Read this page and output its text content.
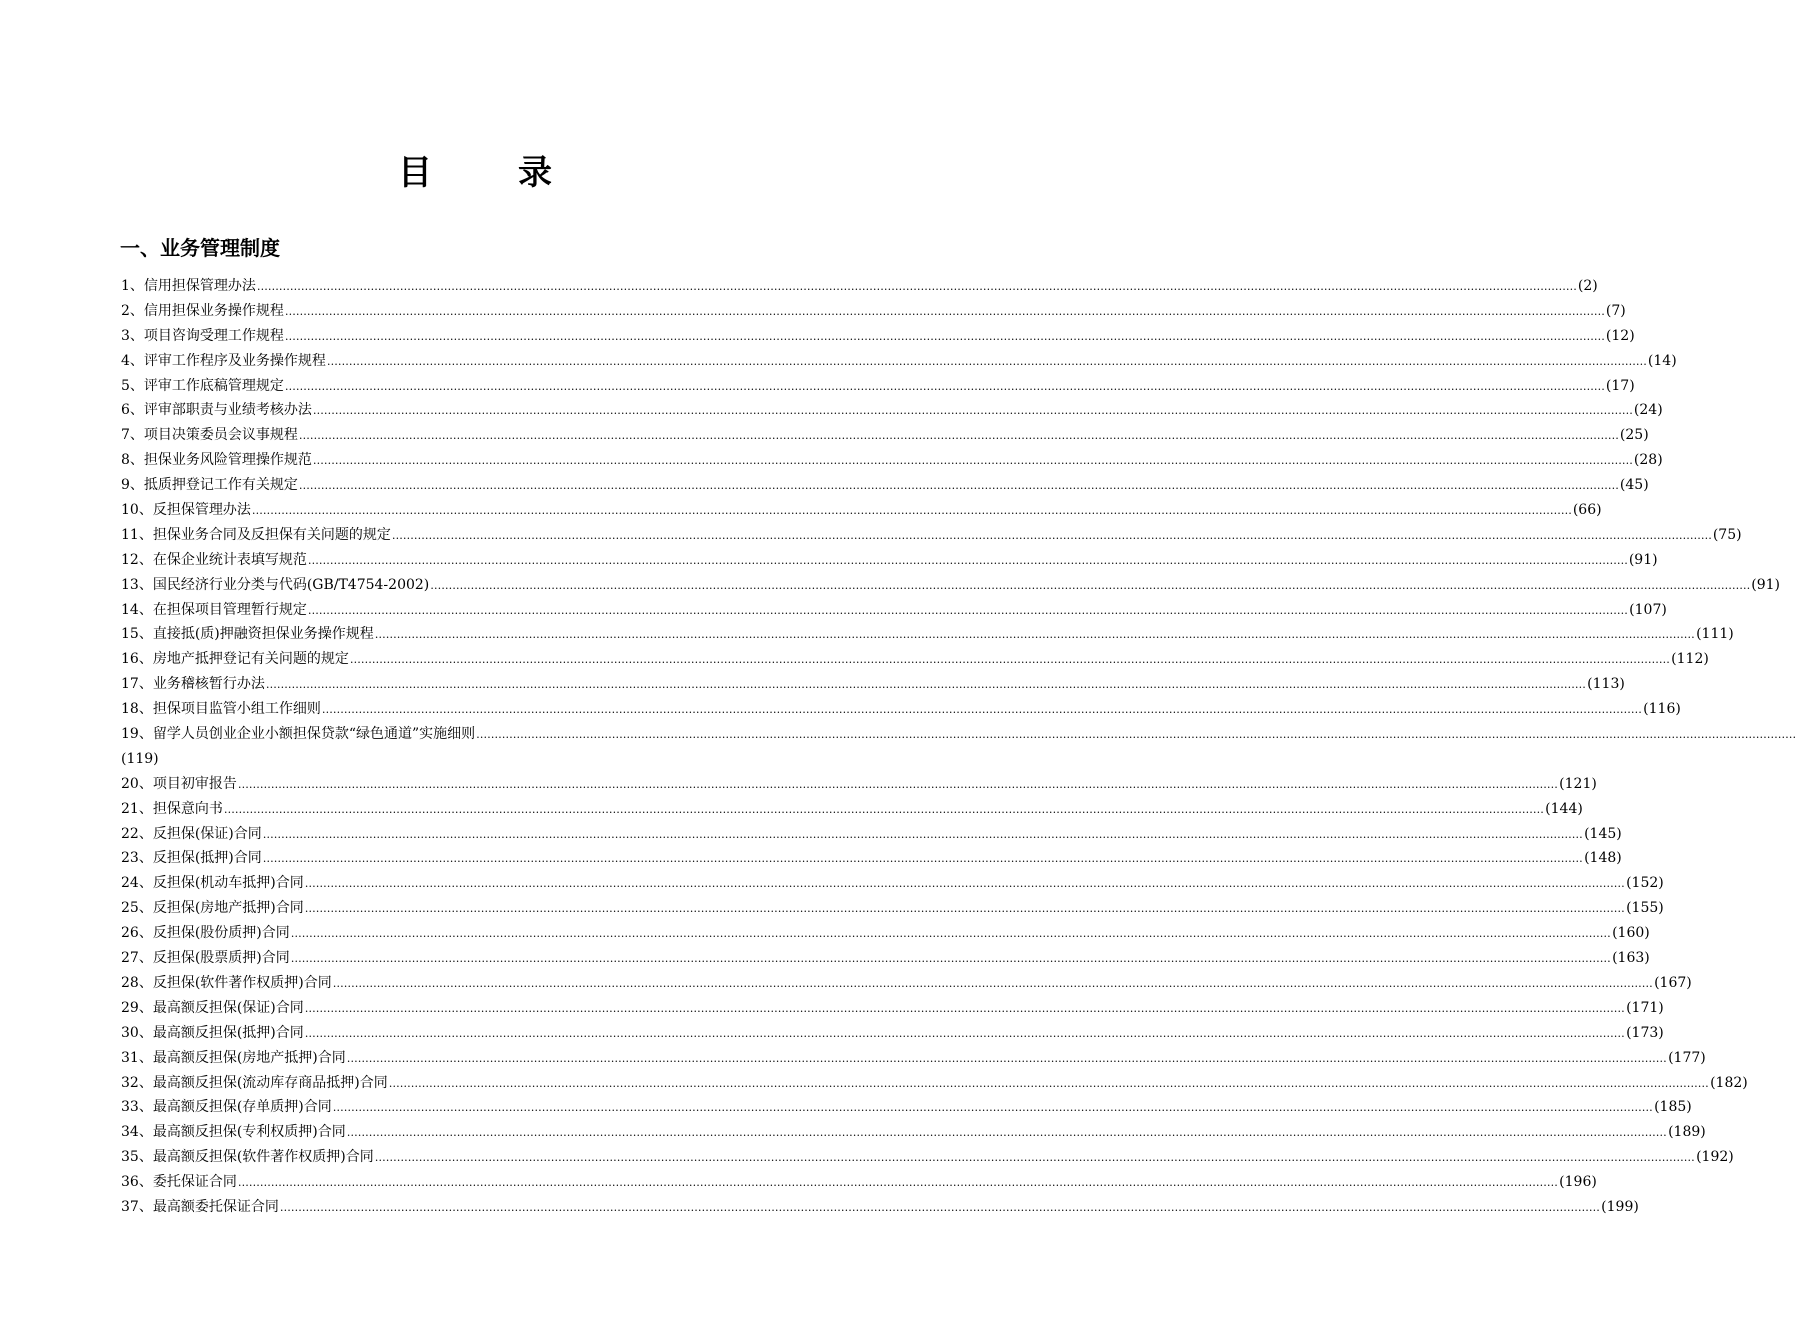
目　录
一、业务管理制度
1、信用担保管理办法 ……………………………………………………………………………………………………………………………………………………………………………………………………………………………………………………………………………………………………………………………… (2)
2、信用担保业务操作规程 ……………………………………………………………………………………………………………………………………………………………………………………………………………………………………………………………………………………………………………………………… (7)
3、项目咨询受理工作规程 ……………………………………………………………………………………………………………………………………………………………………………………………………………………………………………………………………………………………………………………………… (12)
4、评审工作程序及业务操作规程 ……………………………………………………………………………………………………………………………………………………………………………………………………………………………………………………………………………………………………………………………… (14)
5、评审工作底稿管理规定 ……………………………………………………………………………………………………………………………………………………………………………………………………………………………………………………………………………………………………………………………… (17)
6、评审部职责与业绩考核办法 ……………………………………………………………………………………………………………………………………………………………………………………………………………………………………………………………………………………………………………………………… (24)
7、项目决策委员会议事规程 ……………………………………………………………………………………………………………………………………………………………………………………………………………………………………………………………………………………………………………………………… (25)
8、担保业务风险管理操作规范 ……………………………………………………………………………………………………………………………………………………………………………………………………………………………………………………………………………………………………………………………… (28)
9、抵质押登记工作有关规定 ……………………………………………………………………………………………………………………………………………………………………………………………………………………………………………………………………………………………………………………………… (45)
10、反担保管理办法 ……………………………………………………………………………………………………………………………………………………………………………………………………………………………………………………………………………………………………………………………… (66)
11、担保业务合同及反担保有关问题的规定 ……………………………………………………………………………………………………………………………………………………………………………………………………………………………………………………………………………………………………………………………… (75)
12、在保企业统计表填写规范 ……………………………………………………………………………………………………………………………………………………………………………………………………………………………………………………………………………………………………………………………… (91)
13、国民经济行业分类与代码(GB/T4754-2002) ……………………………………………………………………………………………………………………………………………………………………………………………………………………………………………………………………………………………………………………………… (91)
14、在担保项目管理暂行规定 ……………………………………………………………………………………………………………………………………………………………………………………………………………………………………………………………………………………………………………………………… (107)
15、直接抵(质)押融资担保业务操作规程 ……………………………………………………………………………………………………………………………………………………………………………………………………………………………………………………………………………………………………………………………… (111)
16、房地产抵押登记有关问题的规定 ……………………………………………………………………………………………………………………………………………………………………………………………………………………………………………………………………………………………………………………………… (112)
17、业务稽核暂行办法 ……………………………………………………………………………………………………………………………………………………………………………………………………………………………………………………………………………………………………………………………… (113)
18、担保项目监管小组工作细则 ……………………………………………………………………………………………………………………………………………………………………………………………………………………………………………………………………………………………………………………………… (116)
19、留学人员创业企业小额担保贷款“绿色通道”实施细则 ………………………………………………………………………………………………………………………………………………………………………………………………………………………………………………………………………………………………………………………………
(119)
20、项目初审报告 ……………………………………………………………………………………………………………………………………………………………………………………………………………………………………………………………………………………………………………………………… (121)
21、担保意向书 ……………………………………………………………………………………………………………………………………………………………………………………………………………………………………………………………………………………………………………………………… (144)
22、反担保(保证)合同 ……………………………………………………………………………………………………………………………………………………………………………………………………………………………………………………………………………………………………………………………… (145)
23、反担保(抵押)合同 ……………………………………………………………………………………………………………………………………………………………………………………………………………………………………………………………………………………………………………………………… (148)
24、反担保(机动车抵押)合同 ……………………………………………………………………………………………………………………………………………………………………………………………………………………………………………………………………………………………………………………………… (152)
25、反担保(房地产抵押)合同 ……………………………………………………………………………………………………………………………………………………………………………………………………………………………………………………………………………………………………………………………… (155)
26、反担保(股份质押)合同 ……………………………………………………………………………………………………………………………………………………………………………………………………………………………………………………………………………………………………………………………… (160)
27、反担保(股票质押)合同 ……………………………………………………………………………………………………………………………………………………………………………………………………………………………………………………………………………………………………………………………… (163)
28、反担保(软件著作权质押)合同 ……………………………………………………………………………………………………………………………………………………………………………………………………………………………………………………………………………………………………………………………… (167)
29、最高额反担保(保证)合同 ……………………………………………………………………………………………………………………………………………………………………………………………………………………………………………………………………………………………………………………………… (171)
30、最高额反担保(抵押)合同 ……………………………………………………………………………………………………………………………………………………………………………………………………………………………………………………………………………………………………………………………… (173)
31、最高额反担保(房地产抵押)合同 ……………………………………………………………………………………………………………………………………………………………………………………………………………………………………………………………………………………………………………………………… (177)
32、最高额反担保(流动库存商品抵押)合同 ……………………………………………………………………………………………………………………………………………………………………………………………………………………………………………………………………………………………………………………………… (182)
33、最高额反担保(存单质押)合同 ……………………………………………………………………………………………………………………………………………………………………………………………………………………………………………………………………………………………………………………………… (185)
34、最高额反担保(专利权质押)合同 ……………………………………………………………………………………………………………………………………………………………………………………………………………………………………………………………………………………………………………………………… (189)
35、最高额反担保(软件著作权质押)合同 ……………………………………………………………………………………………………………………………………………………………………………………………………………………………………………………………………………………………………………………………… (192)
36、委托保证合同 ……………………………………………………………………………………………………………………………………………………………………………………………………………………………………………………………………………………………………………………………… (196)
37、最高额委托保证合同 ……………………………………………………………………………………………………………………………………………………………………………………………………………………………………………………………………………………………………………………………… (199)
